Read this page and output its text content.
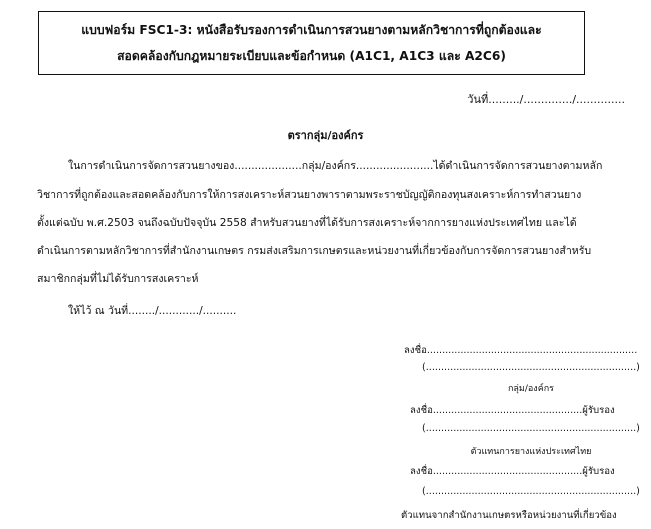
แบบฟอร์ม FSC1-3: หนังสือรับรองการดำเนินการสวนยางตามหลักวิชาการที่ถูกต้องและ
สอดคล้องกับกฎหมายระเบียบและข้อกำหนด (A1C1, A1C3 และ A2C6)
วันที่........./............../..............
ตรากลุ่ม/องค์กร
ในการดำเนินการจัดการสวนยางของ....................กลุ่ม/องค์กร.......................ได้ดำเนินการจัดการสวนยางตามหลัก
วิชาการที่ถูกต้องและสอดคล้องกับการให้การสงเคราะห์สวนยางพาราตามพระราชบัญญัติกองทุนสงเคราะห์การทำสวนยาง
ตั้งแต่ฉบับ พ.ศ.2503 จนถึงฉบับปัจจุบัน 2558 สำหรับสวนยางที่ได้รับการสงเคราะห์จากการยางแห่งประเทศไทย และได้
ดำเนินการตามหลักวิชาการที่สำนักงานเกษตร กรมส่งเสริมการเกษตรและหน่วยงานที่เกี่ยวข้องกับการจัดการสวนยางสำหรับ
สมาชิกกลุ่มที่ไม่ได้รับการสงเคราะห์
ให้ไว้ ณ วันที่......../............/..........
ลงชื่อ.....................................................................
(.....................................................................)
กลุ่ม/องค์กร
ลงชื่อ.................................................ผู้รับรอง
(.....................................................................)
ตัวแทนการยางแห่งประเทศไทย
ลงชื่อ.................................................ผู้รับรอง
(.....................................................................)
ตัวแทนจากสำนักงานเกษตรหรือหน่วยงานที่เกี่ยวข้อง
